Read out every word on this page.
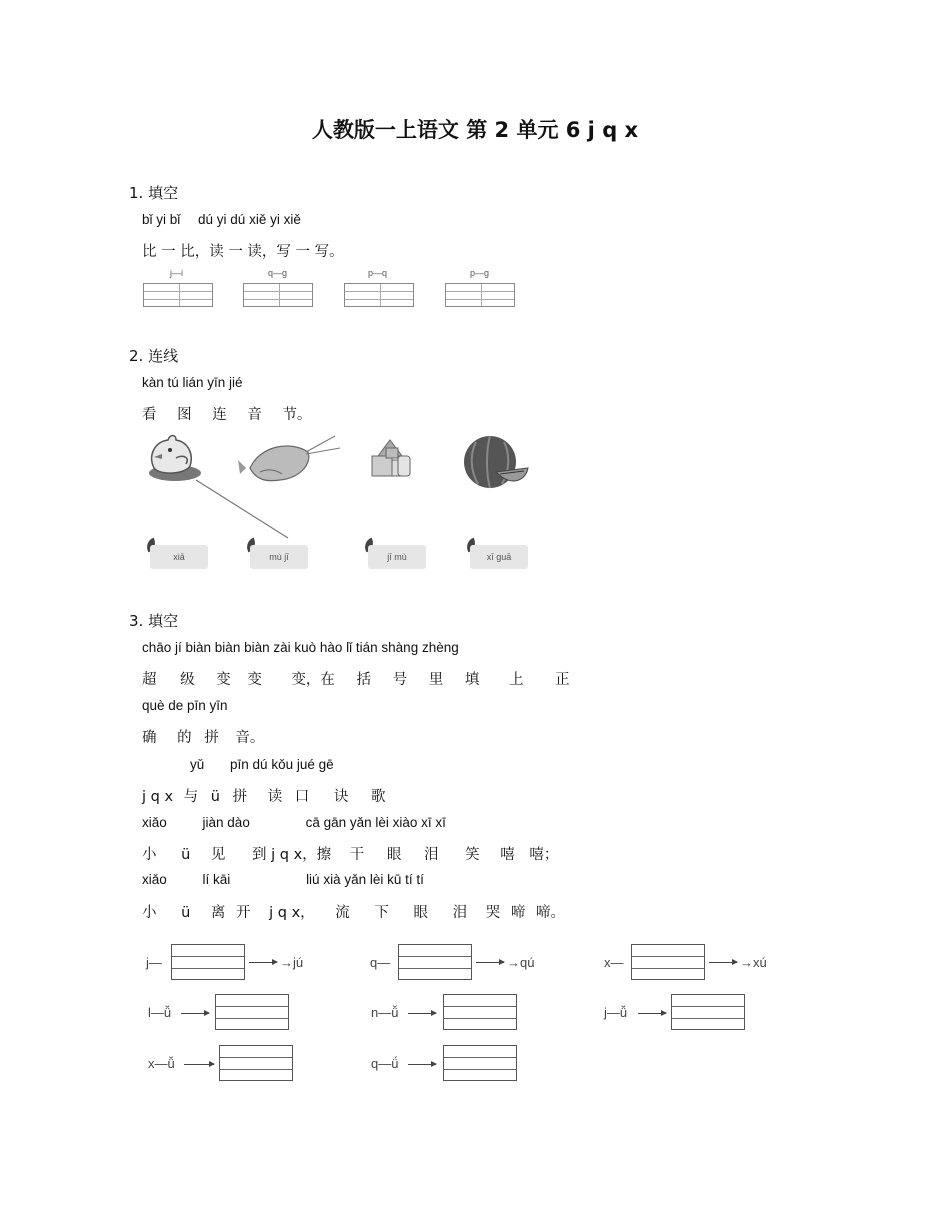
人教版一上语文 第 2 单元 6 j q x
1. 填空
bǐ yi bǐ dú yi dú xiě yi xiě
比 一 比，读 一 读，写 一 写。
j—i	q—g	p—q	p—g
2. 连线
kàn tú lián yīn jié
看 图 连 音 节。
xiā	mù jī	jī mù	xī guā
3. 填空
chāo jí biàn biàn biàn zài kuò hào lǐ tián shàng zhèng
超 级 变 变 变，在 括 号 里 填 上 正
què de pīn yīn
确 的 拼 音。
yǔ pīn dú kǒu jué gē
j q x 与 ü 拼 读 口 诀 歌
xiǎo	jiàn dào	cā gān yǎn lèi xiào xī xī
小 ü 见 到 j q x，擦 干 眼 泪 笑 嘻 嘻；
xiǎo	lí kāi	liú xià yǎn lèi kū tí tí
小 ü 离 开 j q x， 流 下 眼 泪 哭 啼 啼。
j—	→jú	q—	→qú	x—	→xú
l—ǚ	n—ǚ	j—ǚ
x—ǚ	q—ǘ
